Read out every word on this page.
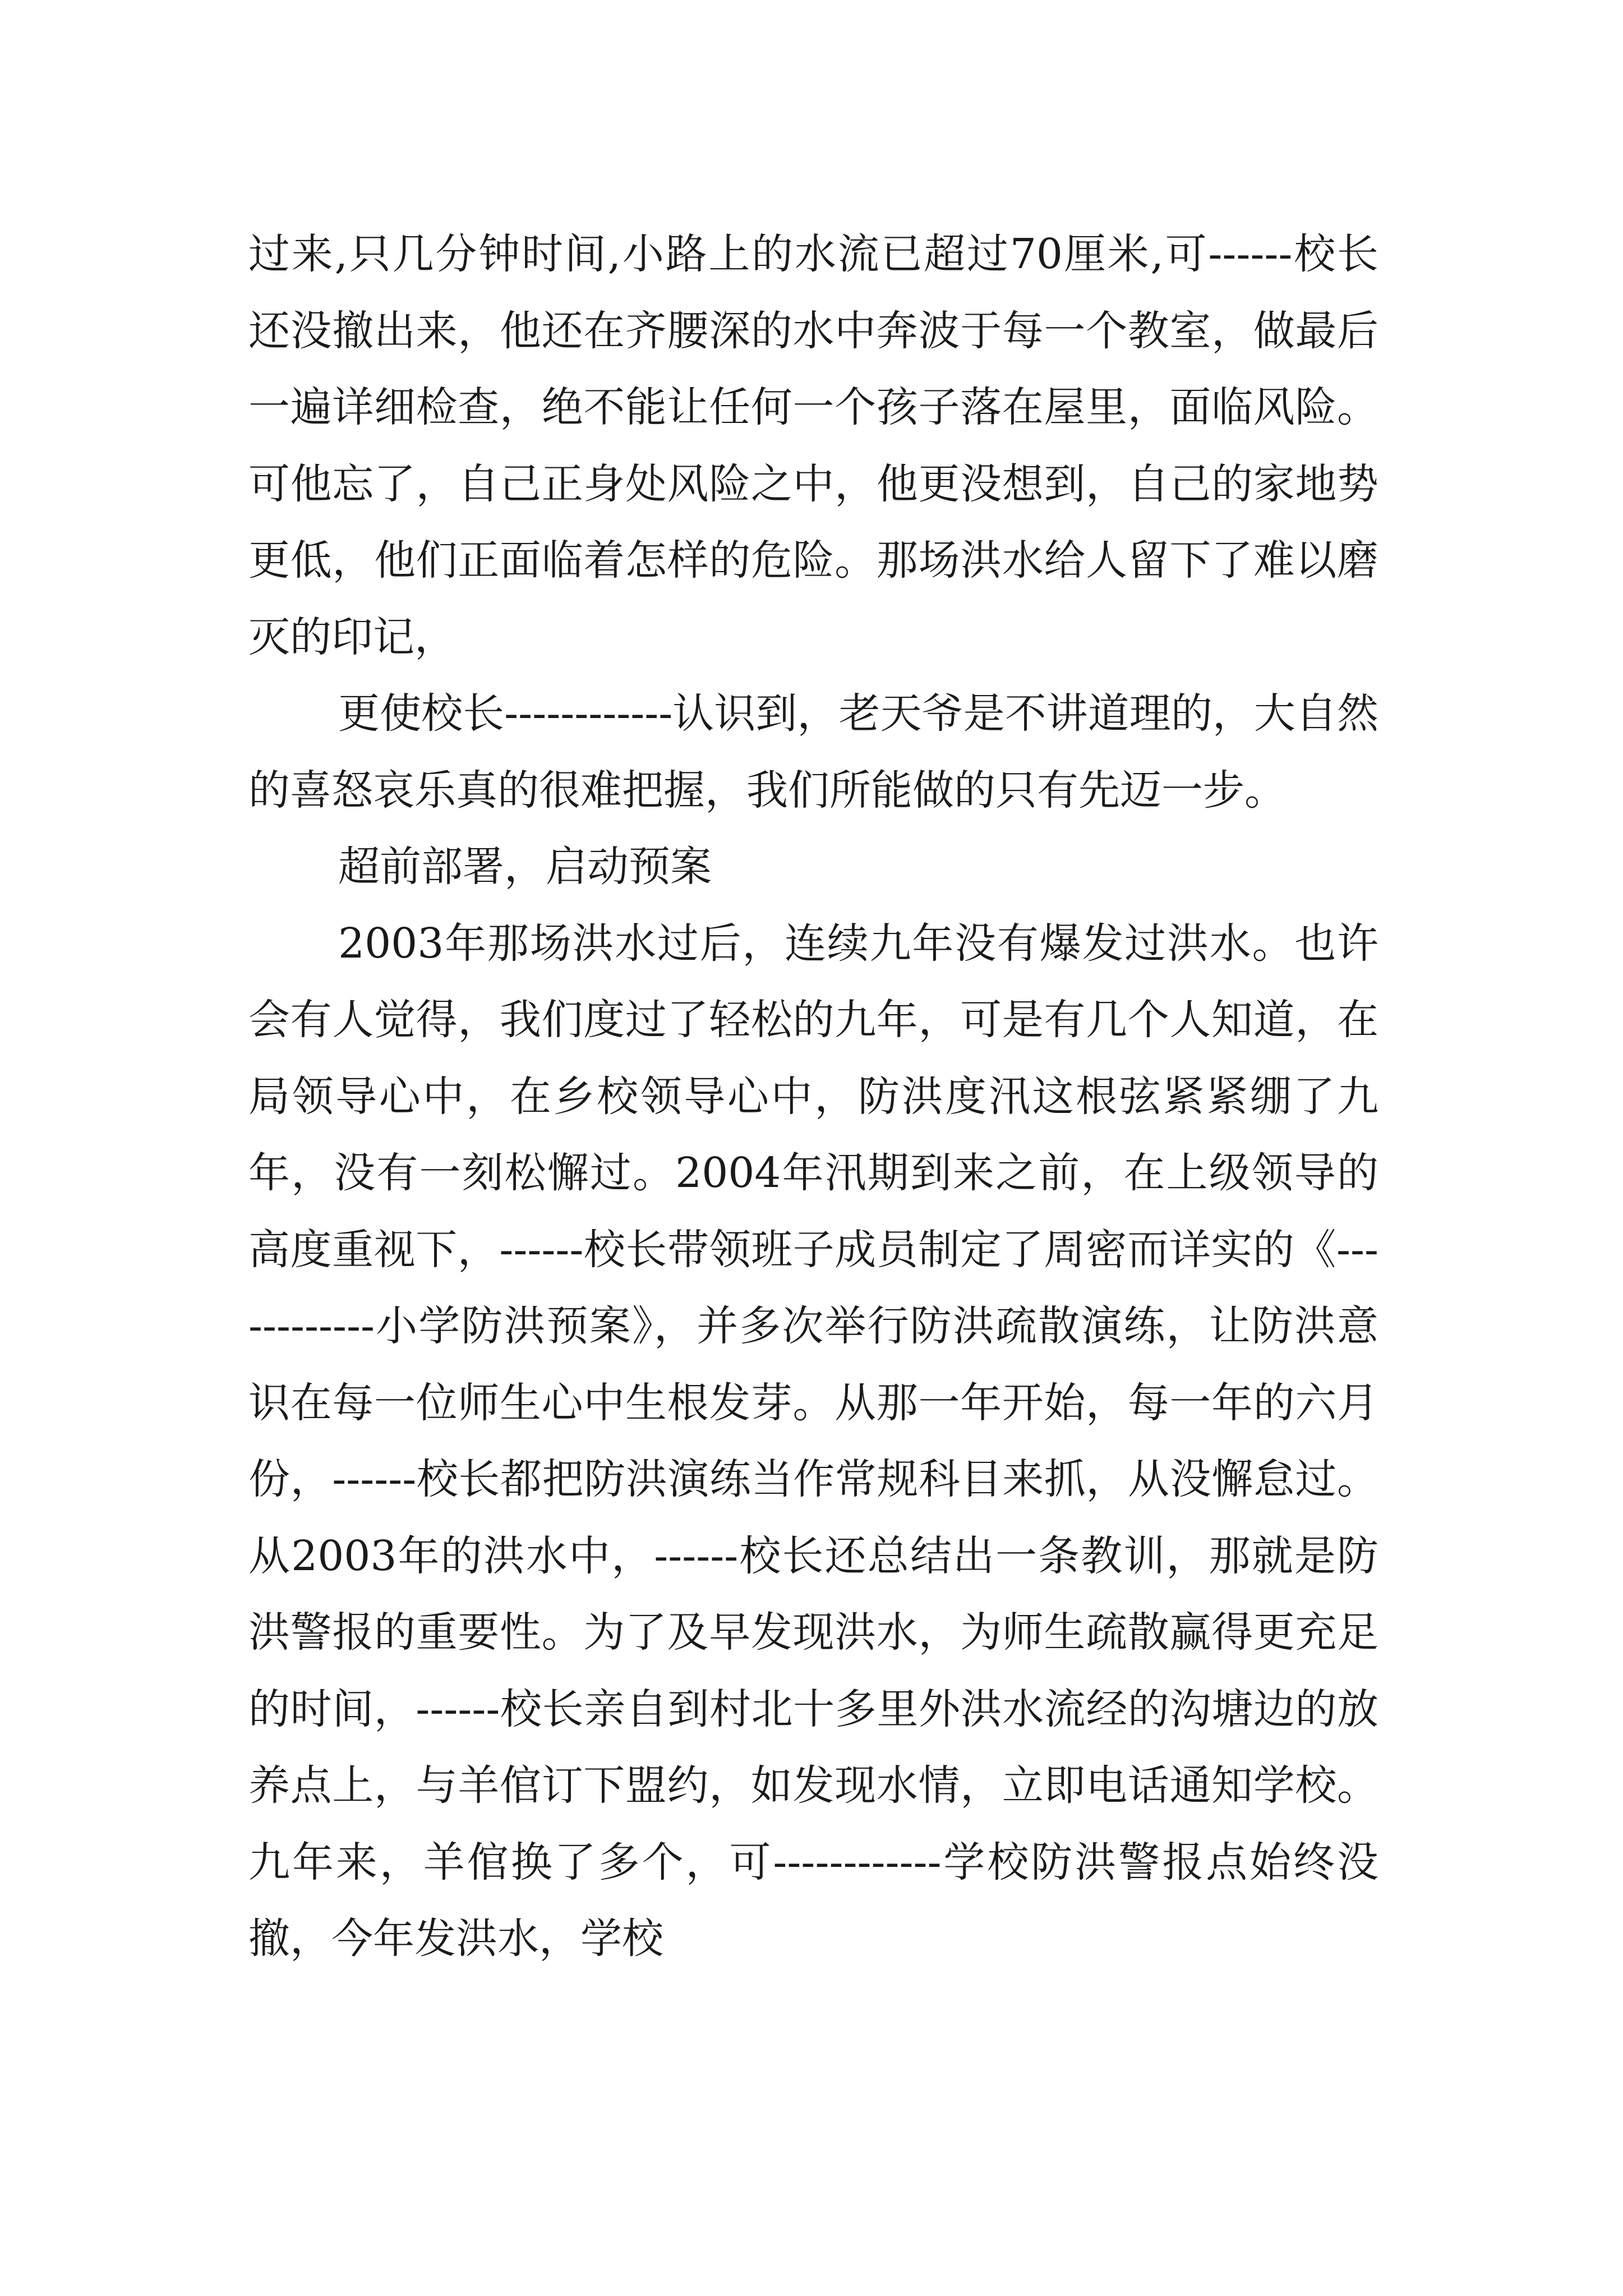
过来,只几分钟时间,小路上的水流已超过70厘米,可------校长还没撤出来，他还在齐腰深的水中奔波于每一个教室，做最后一遍详细检查，绝不能让任何一个孩子落在屋里，面临风险。可他忘了，自己正身处风险之中，他更没想到，自己的家地势更低，他们正面临着怎样的危险。那场洪水给人留下了难以磨灭的印记，

更使校长------------认识到，老天爷是不讲道理的，大自然的喜怒哀乐真的很难把握，我们所能做的只有先迈一步。

超前部署，启动预案

2003年那场洪水过后，连续九年没有爆发过洪水。也许会有人觉得，我们度过了轻松的九年，可是有几个人知道，在局领导心中，在乡校领导心中，防洪度汛这根弦紧紧绷了九年，没有一刻松懈过。2004年汛期到来之前，在上级领导的高度重视下，------校长带领班子成员制定了周密而详实的《------------小学防洪预案》，并多次举行防洪疏散演练，让防洪意识在每一位师生心中生根发芽。从那一年开始，每一年的六月份，------校长都把防洪演练当作常规科目来抓，从没懈怠过。从2003年的洪水中，------校长还总结出一条教训，那就是防洪警报的重要性。为了及早发现洪水，为师生疏散赢得更充足的时间，------校长亲自到村北十多里外洪水流经的沟塘边的放养点上，与羊倌订下盟约，如发现水情，立即电话通知学校。九年来，羊倌换了多个，可------------学校防洪警报点始终没撤，今年发洪水，学校
